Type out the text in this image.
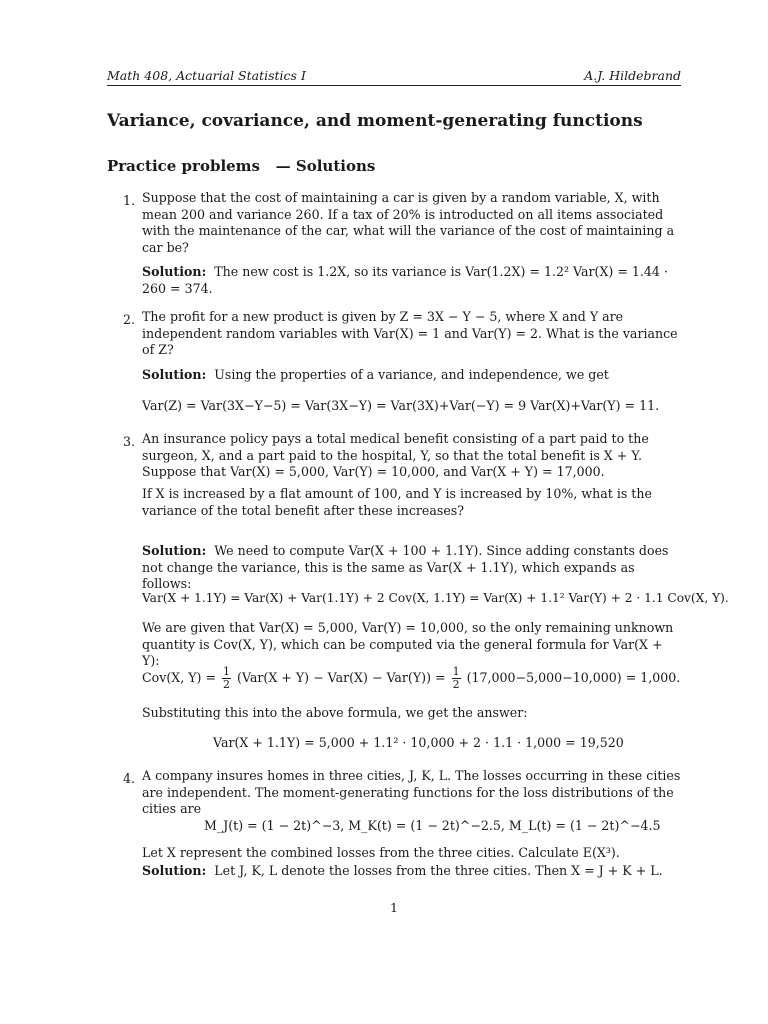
Math 408, Actuarial Statistics I	A.J. Hildebrand
Variance, covariance, and moment-generating functions
Practice problems   — Solutions
1. Suppose that the cost of maintaining a car is given by a random variable, X, with mean 200 and variance 260. If a tax of 20% is introducted on all items associated with the maintenance of the car, what will the variance of the cost of maintaining a car be?
Solution: The new cost is 1.2X, so its variance is Var(1.2X) = 1.2² Var(X) = 1.44 · 260 = 374.
2. The profit for a new product is given by Z = 3X − Y − 5, where X and Y are independent random variables with Var(X) = 1 and Var(Y) = 2. What is the variance of Z?
Solution: Using the properties of a variance, and independence, we get
Var(Z) = Var(3X−Y−5) = Var(3X−Y) = Var(3X)+Var(−Y) = 9 Var(X)+Var(Y) = 11.
3. An insurance policy pays a total medical benefit consisting of a part paid to the surgeon, X, and a part paid to the hospital, Y, so that the total benefit is X + Y. Suppose that Var(X) = 5,000, Var(Y) = 10,000, and Var(X + Y) = 17,000.
If X is increased by a flat amount of 100, and Y is increased by 10%, what is the variance of the total benefit after these increases?
Solution: We need to compute Var(X + 100 + 1.1Y). Since adding constants does not change the variance, this is the same as Var(X + 1.1Y), which expands as follows:
Var(X + 1.1Y) = Var(X) + Var(1.1Y) + 2 Cov(X, 1.1Y) = Var(X) + 1.1² Var(Y) + 2 · 1.1 Cov(X, Y).
We are given that Var(X) = 5,000, Var(Y) = 10,000, so the only remaining unknown quantity is Cov(X, Y), which can be computed via the general formula for Var(X + Y):
Cov(X, $Y) = \frac{1}{2} (Var(X + Y) - Var(X) - Var(Y)) = \frac{1}{2} (17,000-5,000-10,000) = 1,000$.
Substituting this into the above formula, we get the answer:
Var(X + 1.1Y) = 5,000 + 1.1² · 10,000 + 2 · 1.1 · 1,000 = 19,520
4. A company insures homes in three cities, J, K, L. The losses occurring in these cities are independent. The moment-generating functions for the loss distributions of the cities are
M_J(t) = (1 − 2t)^−3, M_K(t) = (1 − 2t)^−2.5, M_L(t) = (1 − 2t)^−4.5
Let X represent the combined losses from the three cities. Calculate E(X³).
Solution: Let J, K, L denote the losses from the three cities. Then X = J + K + L.
1
